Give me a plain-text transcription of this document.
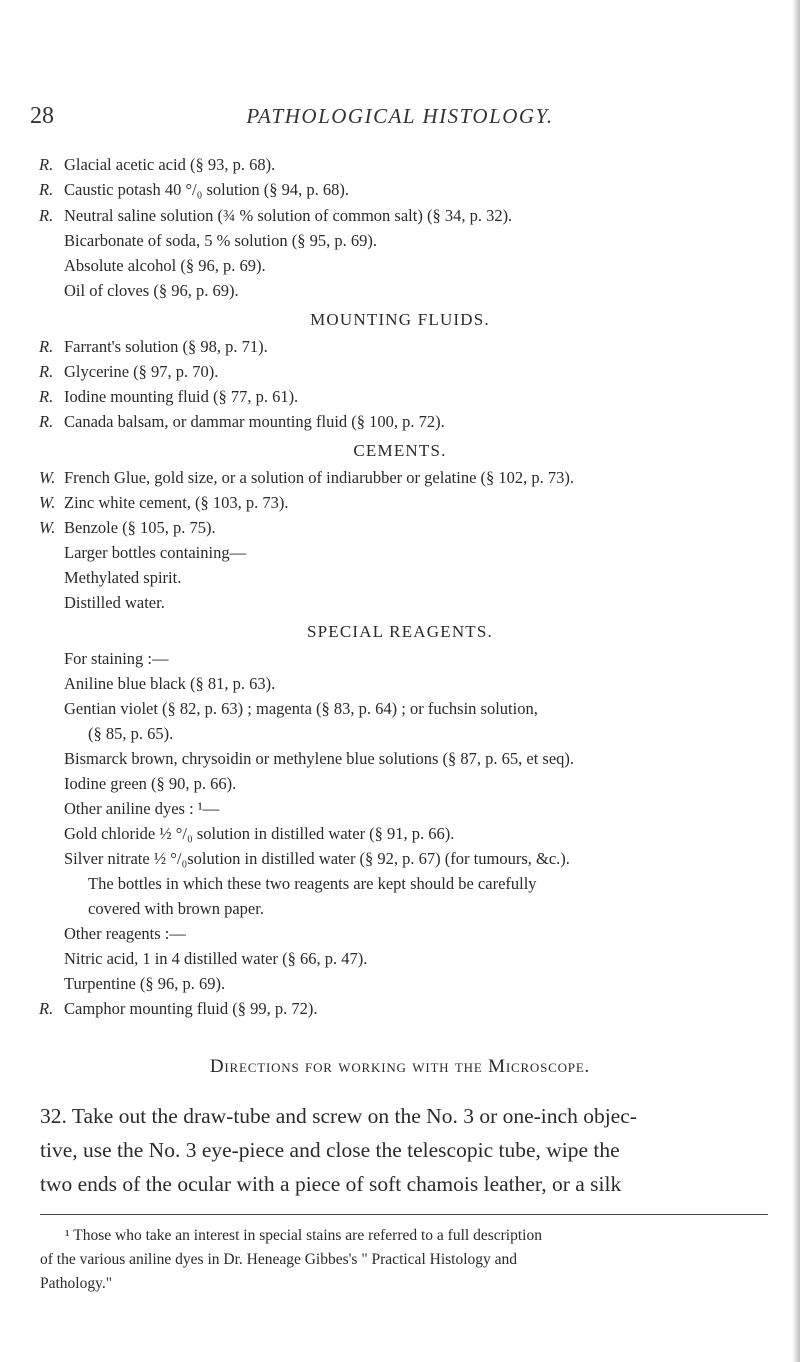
28	PATHOLOGICAL HISTOLOGY.
R. Glacial acetic acid (§ 93, p. 68).
R. Caustic potash 40 °/₀ solution (§ 94, p. 68).
R. Neutral saline solution (¾ % solution of common salt) (§ 34, p. 32).
Bicarbonate of soda, 5 % solution (§ 95, p. 69).
Absolute alcohol (§ 96, p. 69).
Oil of cloves (§ 96, p. 69).
MOUNTING FLUIDS.
R. Farrant's solution (§ 98, p. 71).
R. Glycerine (§ 97, p. 70).
R. Iodine mounting fluid (§ 77, p. 61).
R. Canada balsam, or dammar mounting fluid (§ 100, p. 72).
CEMENTS.
W. French Glue, gold size, or a solution of indiarubber or gelatine (§ 102, p. 73).
W. Zinc white cement, (§ 103, p. 73).
W. Benzole (§ 105, p. 75).
Larger bottles containing—
Methylated spirit.
Distilled water.
SPECIAL REAGENTS.
For staining :—
Aniline blue black (§ 81, p. 63).
Gentian violet (§ 82, p. 63) ; magenta (§ 83, p. 64) ; or fuchsin solution,
(§ 85, p. 65).
Bismarck brown, chrysoidin or methylene blue solutions (§ 87, p. 65, et seq).
Iodine green (§ 90, p. 66).
Other aniline dyes : ¹—
Gold chloride ½ °/₀ solution in distilled water (§ 91, p. 66).
Silver nitrate ½ °/₀solution in distilled water (§ 92, p. 67) (for tumours, &c.).
The bottles in which these two reagents are kept should be carefully
covered with brown paper.
Other reagents :—
Nitric acid, 1 in 4 distilled water (§ 66, p. 47).
Turpentine (§ 96, p. 69).
R. Camphor mounting fluid (§ 99, p. 72).
Directions for working with the Microscope.
32. Take out the draw-tube and screw on the No. 3 or one-inch objec-
tive, use the No. 3 eye-piece and close the telescopic tube, wipe the
two ends of the ocular with a piece of soft chamois leather, or a silk
¹ Those who take an interest in special stains are referred to a full description
of the various aniline dyes in Dr. Heneage Gibbes's " Practical Histology and
Pathology."
